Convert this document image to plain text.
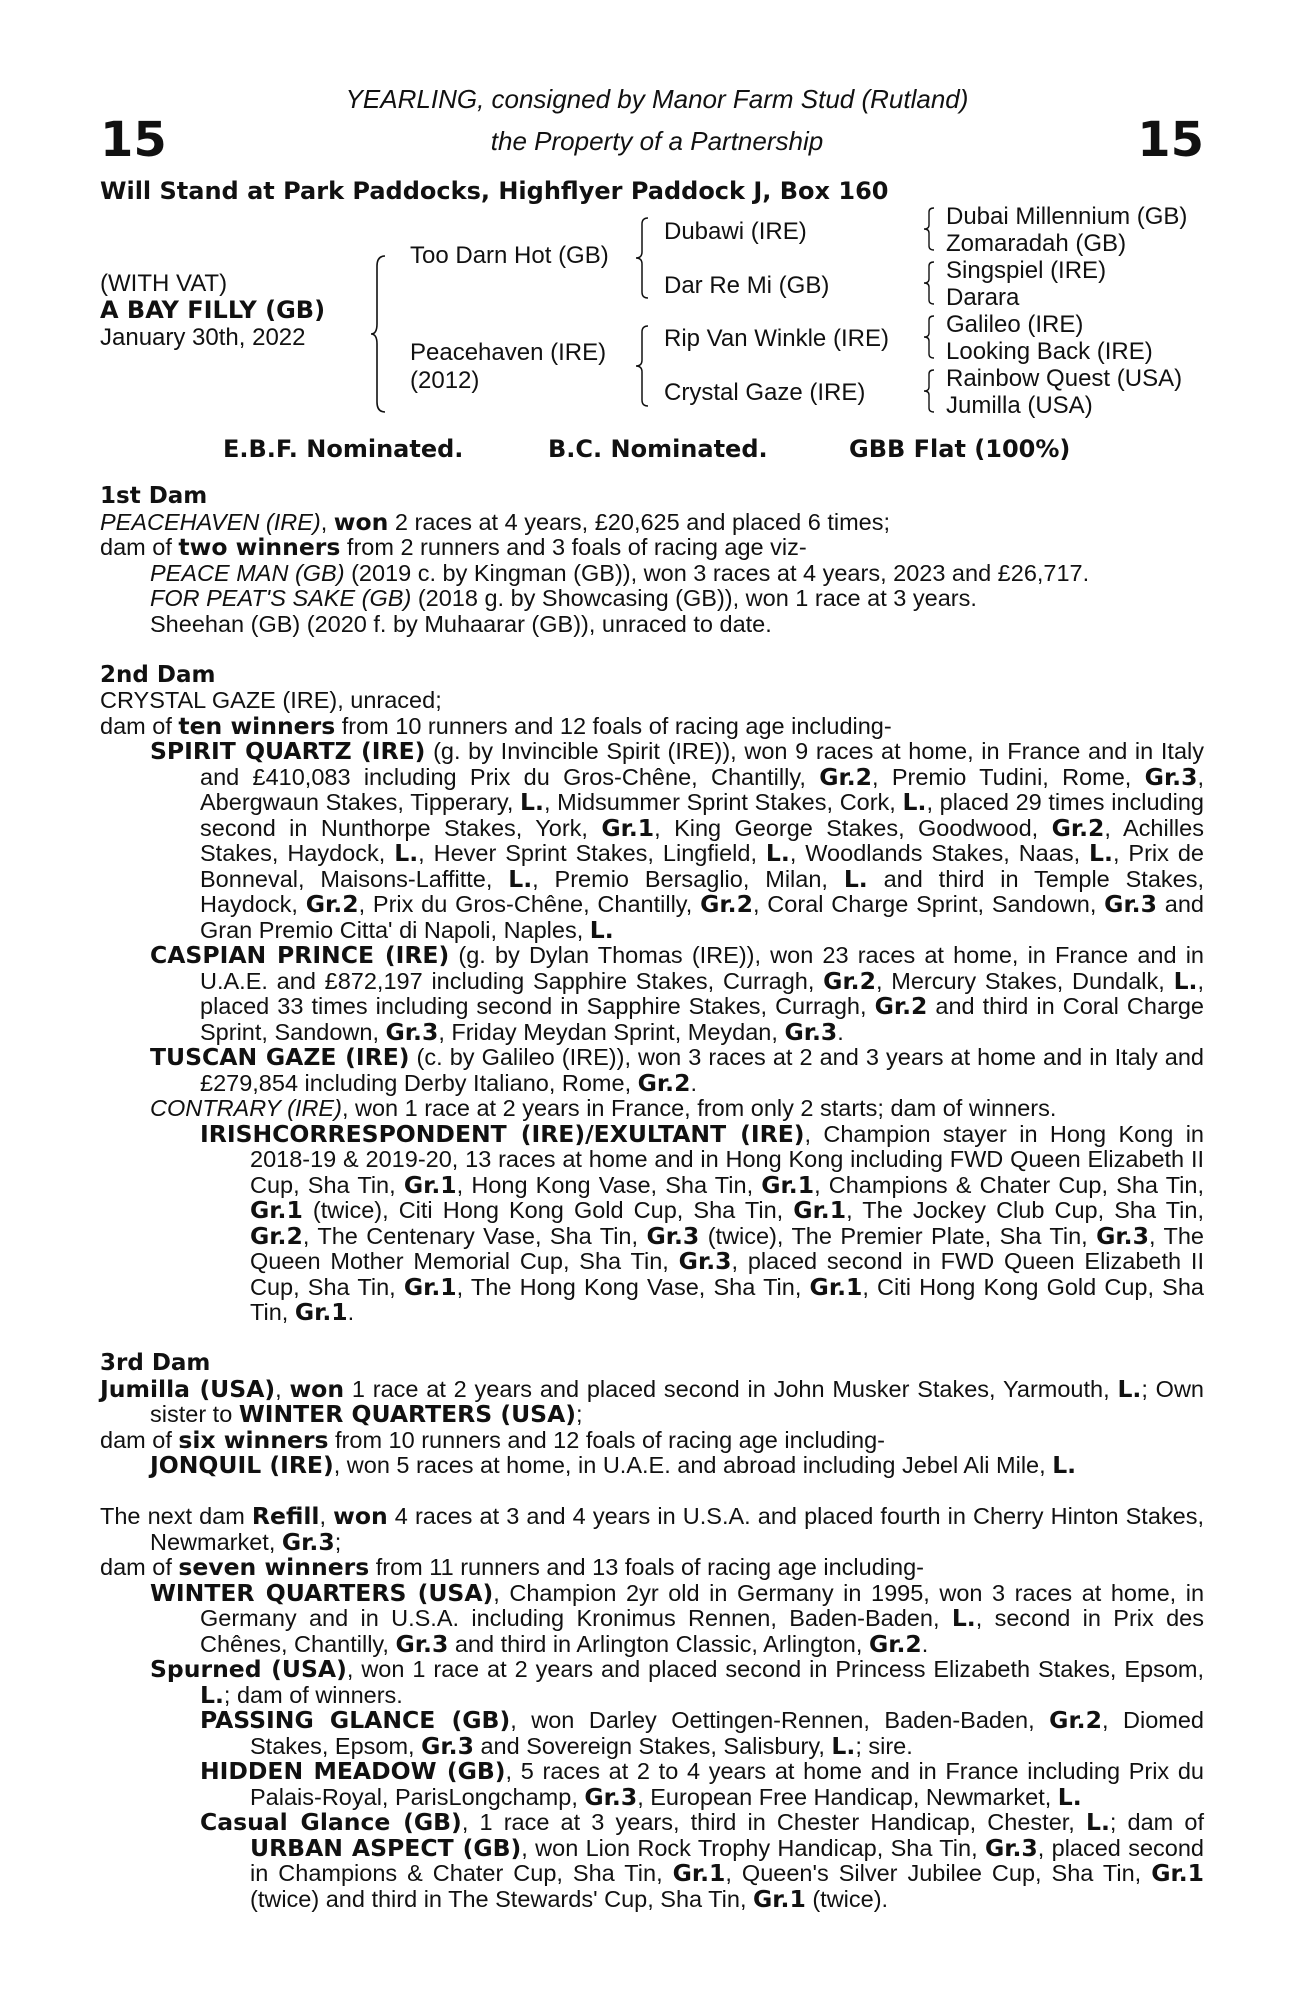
15	15
YEARLING, consigned by Manor Farm Stud (Rutland)
the Property of a Partnership
Will Stand at Park Paddocks, Highflyer Paddock J, Box 160
(WITH VAT)
A BAY FILLY (GB)
January 30th, 2022
Too Darn Hot (GB)
Peacehaven (IRE)
(2012)
Dubawi (IRE)
Dar Re Mi (GB)
Rip Van Winkle (IRE)
Crystal Gaze (IRE)
Dubai Millennium (GB)
Zomaradah (GB)
Singspiel (IRE)
Darara
Galileo (IRE)
Looking Back (IRE)
Rainbow Quest (USA)
Jumilla (USA)
E.B.F. Nominated.	B.C. Nominated.	GBB Flat (100%)

1st Dam

PEACEHAVEN (IRE), won 2 races at 4 years, £20,625 and placed 6 times;

dam of two winners from 2 runners and 3 foals of racing age viz-

PEACE MAN (GB) (2019 c. by Kingman (GB)), won 3 races at 4 years, 2023 and £26,717.

FOR PEAT'S SAKE (GB) (2018 g. by Showcasing (GB)), won 1 race at 3 years.

Sheehan (GB) (2020 f. by Muhaarar (GB)), unraced to date.

2nd Dam

CRYSTAL GAZE (IRE), unraced;

dam of ten winners from 10 runners and 12 foals of racing age including-

SPIRIT QUARTZ (IRE) (g. by Invincible Spirit (IRE)), won 9 races at home, in France and in Italy and £410,083 including Prix du Gros-Chêne, Chantilly, Gr.2, Premio Tudini, Rome, Gr.3, Abergwaun Stakes, Tipperary, L., Midsummer Sprint Stakes, Cork, L., placed 29 times including second in Nunthorpe Stakes, York, Gr.1, King George Stakes, Goodwood, Gr.2, Achilles Stakes, Haydock, L., Hever Sprint Stakes, Lingfield, L., Woodlands Stakes, Naas, L., Prix de Bonneval, Maisons-Laffitte, L., Premio Bersaglio, Milan, L. and third in Temple Stakes, Haydock, Gr.2, Prix du Gros-Chêne, Chantilly, Gr.2, Coral Charge Sprint, Sandown, Gr.3 and Gran Premio Citta' di Napoli, Naples, L.

CASPIAN PRINCE (IRE) (g. by Dylan Thomas (IRE)), won 23 races at home, in France and in U.A.E. and £872,197 including Sapphire Stakes, Curragh, Gr.2, Mercury Stakes, Dundalk, L., placed 33 times including second in Sapphire Stakes, Curragh, Gr.2 and third in Coral Charge Sprint, Sandown, Gr.3, Friday Meydan Sprint, Meydan, Gr.3.

TUSCAN GAZE (IRE) (c. by Galileo (IRE)), won 3 races at 2 and 3 years at home and in Italy and £279,854 including Derby Italiano, Rome, Gr.2.

CONTRARY (IRE), won 1 race at 2 years in France, from only 2 starts; dam of winners.

IRISHCORRESPONDENT (IRE)/EXULTANT (IRE), Champion stayer in Hong Kong in 2018-19 & 2019-20, 13 races at home and in Hong Kong including FWD Queen Elizabeth II Cup, Sha Tin, Gr.1, Hong Kong Vase, Sha Tin, Gr.1, Champions & Chater Cup, Sha Tin, Gr.1 (twice), Citi Hong Kong Gold Cup, Sha Tin, Gr.1, The Jockey Club Cup, Sha Tin, Gr.2, The Centenary Vase, Sha Tin, Gr.3 (twice), The Premier Plate, Sha Tin, Gr.3, The Queen Mother Memorial Cup, Sha Tin, Gr.3, placed second in FWD Queen Elizabeth II Cup, Sha Tin, Gr.1, The Hong Kong Vase, Sha Tin, Gr.1, Citi Hong Kong Gold Cup, Sha Tin, Gr.1.

3rd Dam

Jumilla (USA), won 1 race at 2 years and placed second in John Musker Stakes, Yarmouth, L.; Own sister to WINTER QUARTERS (USA);

dam of six winners from 10 runners and 12 foals of racing age including-

JONQUIL (IRE), won 5 races at home, in U.A.E. and abroad including Jebel Ali Mile, L.

The next dam Refill, won 4 races at 3 and 4 years in U.S.A. and placed fourth in Cherry Hinton Stakes, Newmarket, Gr.3;

dam of seven winners from 11 runners and 13 foals of racing age including-

WINTER QUARTERS (USA), Champion 2yr old in Germany in 1995, won 3 races at home, in Germany and in U.S.A. including Kronimus Rennen, Baden-Baden, L., second in Prix des Chênes, Chantilly, Gr.3 and third in Arlington Classic, Arlington, Gr.2.

Spurned (USA), won 1 race at 2 years and placed second in Princess Elizabeth Stakes, Epsom, L.; dam of winners.

PASSING GLANCE (GB), won Darley Oettingen-Rennen, Baden-Baden, Gr.2, Diomed Stakes, Epsom, Gr.3 and Sovereign Stakes, Salisbury, L.; sire.

HIDDEN MEADOW (GB), 5 races at 2 to 4 years at home and in France including Prix du Palais-Royal, ParisLongchamp, Gr.3, European Free Handicap, Newmarket, L.

Casual Glance (GB), 1 race at 3 years, third in Chester Handicap, Chester, L.; dam of URBAN ASPECT (GB), won Lion Rock Trophy Handicap, Sha Tin, Gr.3, placed second in Champions & Chater Cup, Sha Tin, Gr.1, Queen's Silver Jubilee Cup, Sha Tin, Gr.1 (twice) and third in The Stewards' Cup, Sha Tin, Gr.1 (twice).
